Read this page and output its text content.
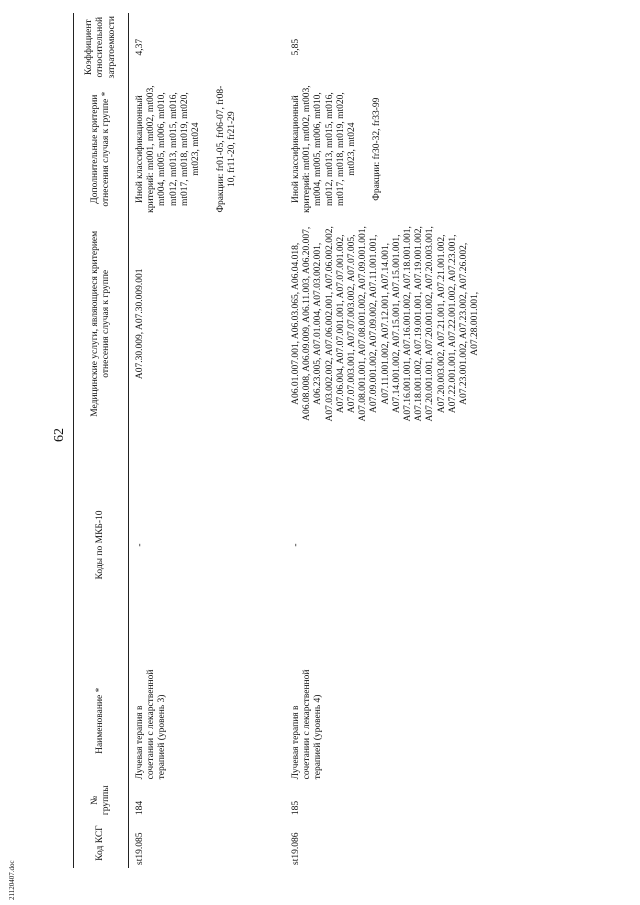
62
21120407.doc
Код КСГ	№ группы	Наименование *	Коды по МКБ-10	Медицинские услуги, являющиеся критерием отнесения случая к группе	Дополнительные критерии отнесения случая к группе *	Коэффициент относительной затратоемкости
st19.085	184	Лучевая терапия в сочетании с лекарственной терапией (уровень 3)	-	A07.30.009, A07.30.009.001	Иной классификационный критерий: mt001, mt002, mt003, mt004, mt005, mt006, mt010, mt012, mt013, mt015, mt016, mt017, mt018, mt019, mt020, mt023, mt024 Фракции: fr01-05, fr06-07, fr08-10, fr11-20, fr21-29	4,37
st19.086	185	Лучевая терапия в сочетании с лекарственной терапией (уровень 4)	-	A06.01.007.001, A06.03.065, A06.04.018, A06.08.008, A06.09.009, A06.11.003, A06.20.007, A06.23.005, A07.01.004, A07.03.002.001, A07.03.002.002, A07.06.002.001, A07.06.002.002, A07.06.004, A07.07.001.001, A07.07.001.002, A07.07.003.001, A07.07.003.002, A07.07.005, A07.08.001.001, A07.08.001.002, A07.09.001.001, A07.09.001.002, A07.09.002, A07.11.001.001, A07.11.001.002, A07.12.001, A07.14.001, A07.14.001.002, A07.15.001, A07.15.001.001, A07.16.001.001, A07.16.001.002, A07.18.001.001, A07.18.001.002, A07.19.001.001, A07.19.001.002, A07.20.001.001, A07.20.001.002, A07.20.003.001, A07.20.003.002, A07.21.001, A07.21.001.002, A07.22.001.001, A07.22.001.002, A07.23.001, A07.23.001.002, A07.23.002, A07.26.002, A07.28.001.001,	Иной классификационный критерий: mt001, mt002, mt003, mt004, mt005, mt006, mt010, mt012, mt013, mt015, mt016, mt017, mt018, mt019, mt020, mt023, mt024 Фракции: fr30-32, fr33-99	5,85
